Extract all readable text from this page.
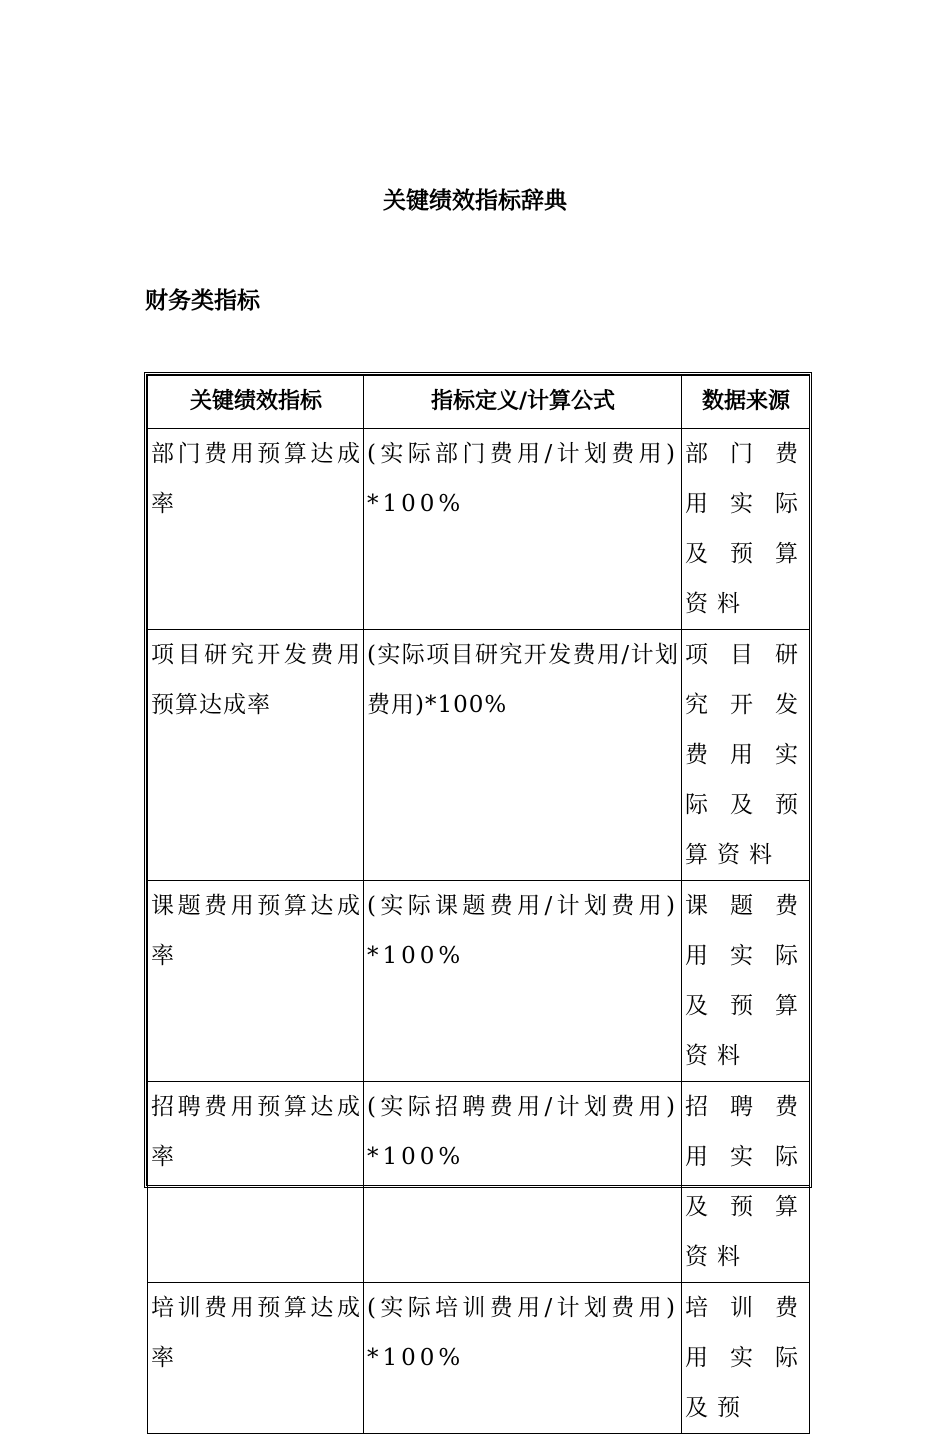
关键绩效指标辞典
财务类指标
关键绩效指标	指标定义/计算公式	数据来源
部门费用预算达成率	(实际部门费用/计划费用)*100%	部门费用实际及预算资料
项目研究开发费用预算达成率	(实际项目研究开发费用/计划费用)*100%	项目研究开发费用实际及预算资料
课题费用预算达成率	(实际课题费用/计划费用)*100%	课题费用实际及预算资料
招聘费用预算达成率	(实际招聘费用/计划费用)*100%	招聘费用实际及预算资料
培训费用预算达成率	(实际培训费用/计划费用)*100%	培训费用实际及预
